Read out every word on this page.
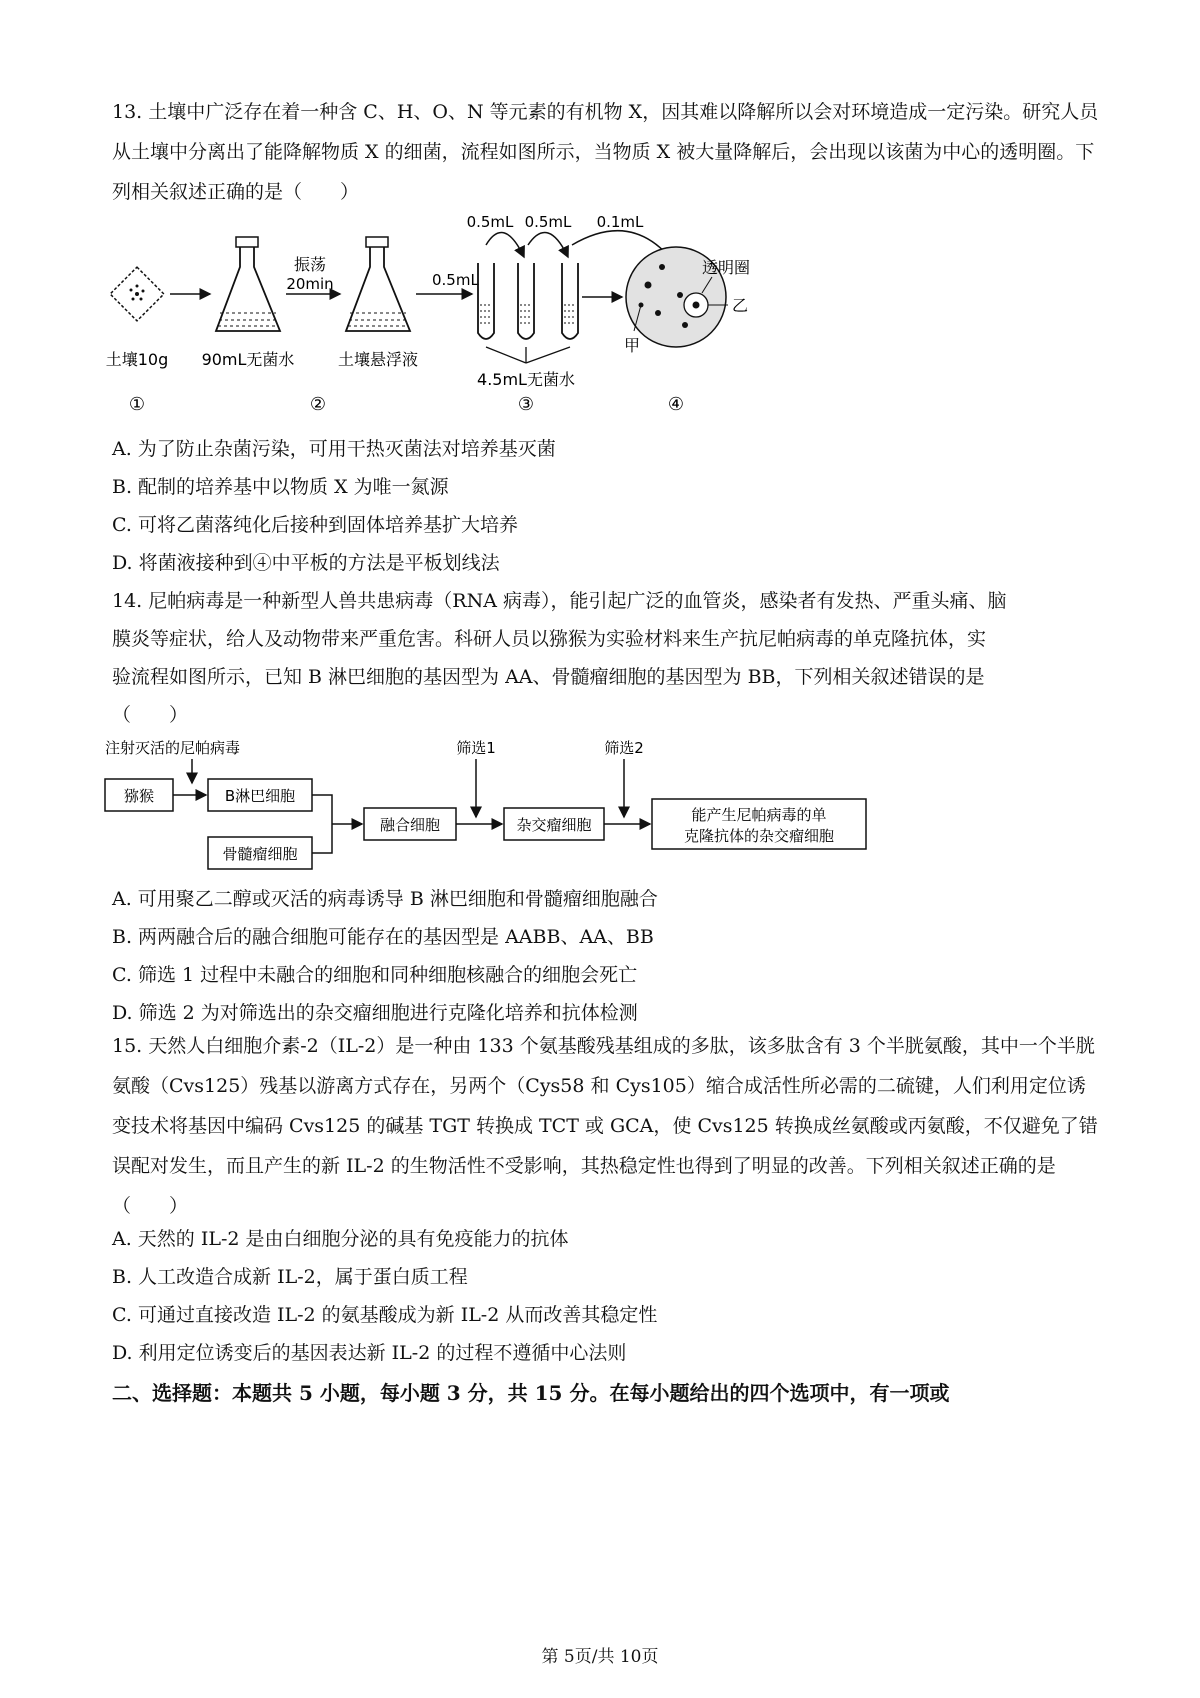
13. 土壤中广泛存在着一种含 C、H、O、N 等元素的有机物 X，因其难以降解所以会对环境造成一定污染。研究人员从土壤中分离出了能降解物质 X 的细菌，流程如图所示，当物质 X 被大量降解后，会出现以该菌为中心的透明圈。下列相关叙述正确的是（　　）

振荡
20min	0.5mL
0.5mL 0.5mL 0.1mL
透明圈
乙
甲
土壤10g 90mL无菌水	土壤悬浮液
4.5mL无菌水
①	②	③	④

A. 为了防止杂菌污染，可用干热灭菌法对培养基灭菌

B. 配制的培养基中以物质 X 为唯一氮源

C. 可将乙菌落纯化后接种到固体培养基扩大培养

D. 将菌液接种到④中平板的方法是平板划线法

14. 尼帕病毒是一种新型人兽共患病毒（RNA 病毒），能引起广泛的血管炎，感染者有发热、严重头痛、脑

膜炎等症状，给人及动物带来严重危害。科研人员以猕猴为实验材料来生产抗尼帕病毒的单克隆抗体，实

验流程如图所示，已知 B 淋巴细胞的基因型为 AA、骨髓瘤细胞的基因型为 BB，下列相关叙述错误的是

（　　）

注射灭活的尼帕病毒
猕猴	B淋巴细胞
骨髓瘤细胞
融合细胞
筛选1
杂交瘤细胞
筛选2
能产生尼帕病毒的单
克隆抗体的杂交瘤细胞

A. 可用聚乙二醇或灭活的病毒诱导 B 淋巴细胞和骨髓瘤细胞融合

B. 两两融合后的融合细胞可能存在的基因型是 AABB、AA、BB

C. 筛选 1 过程中未融合的细胞和同种细胞核融合的细胞会死亡

D. 筛选 2 为对筛选出的杂交瘤细胞进行克隆化培养和抗体检测

15. 天然人白细胞介素-2（IL-2）是一种由 133 个氨基酸残基组成的多肽，该多肽含有 3 个半胱氨酸，其中一个半胱氨酸（Cvs125）残基以游离方式存在，另两个（Cys58 和 Cys105）缩合成活性所必需的二硫键，人们利用定位诱变技术将基因中编码 Cvs125 的碱基 TGT 转换成 TCT 或 GCA，使 Cvs125 转换成丝氨酸或丙氨酸，不仅避免了错误配对发生，而且产生的新 IL-2 的生物活性不受影响，其热稳定性也得到了明显的改善。下列相关叙述正确的是（　　）

A. 天然的 IL-2 是由白细胞分泌的具有免疫能力的抗体

B. 人工改造合成新 IL-2，属于蛋白质工程

C. 可通过直接改造 IL-2 的氨基酸成为新 IL-2 从而改善其稳定性

D. 利用定位诱变后的基因表达新 IL-2 的过程不遵循中心法则

二、选择题：本题共 5 小题，每小题 3 分，共 15 分。在每小题给出的四个选项中，有一项或

第 5页/共 10页
